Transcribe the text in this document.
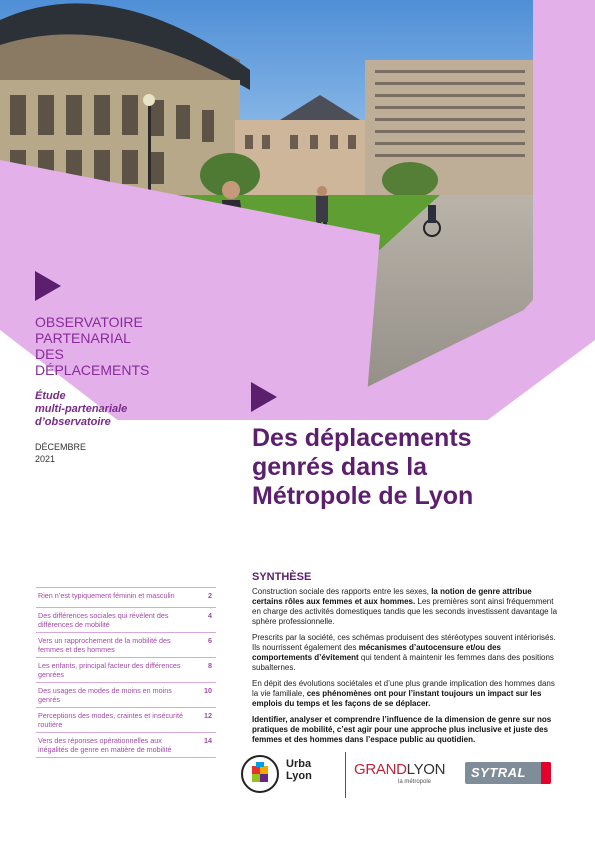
OBSERVATOIRE
PARTENARIAL
DES
DÉPLACEMENTS
Étude
multi-partenariale
d’observatoire
DÉCEMBRE
2021
Des déplacements
genrés dans la
Métropole de Lyon
Rien n’est typiquement féminin et masculin	2
Des différences sociales qui révèlent des différences de mobilité
4
Vers un rapprochement de la mobilité des femmes et des hommes
6
Les enfants, principal facteur des différences genrées
8
Des usages de modes de moins en moins genrés
10
Perceptions des modes, craintes et insécurité routière
12
Vers des réponses opérationnelles aux inégalités de genre en matière de mobilité
14
SYNTHÈSE

Construction sociale des rapports entre les sexes, la notion de genre attribue certains rôles aux femmes et aux hommes. Les premières sont ainsi fréquemment en charge des activités domestiques tandis que les seconds investissent davantage la sphère professionnelle.

Prescrits par la société, ces schémas produisent des stéréotypes souvent intériorisés. Ils nourrissent également des mécanismes d’autocensure et/ou des comportements d’évitement qui tendent à maintenir les femmes dans des positions subalternes.

En dépit des évolutions sociétales et d’une plus grande implication des hommes dans la vie familiale, ces phénomènes ont pour l’instant toujours un impact sur les emplois du temps et les façons de se déplacer.

Identifier, analyser et comprendre l’influence de la dimension de genre sur nos pratiques de mobilité, c’est agir pour une approche plus inclusive et juste des femmes et des hommes dans l’espace public au quotidien.

Urba
Lyon	GRANDLYON
la métropole
SYTRAL
